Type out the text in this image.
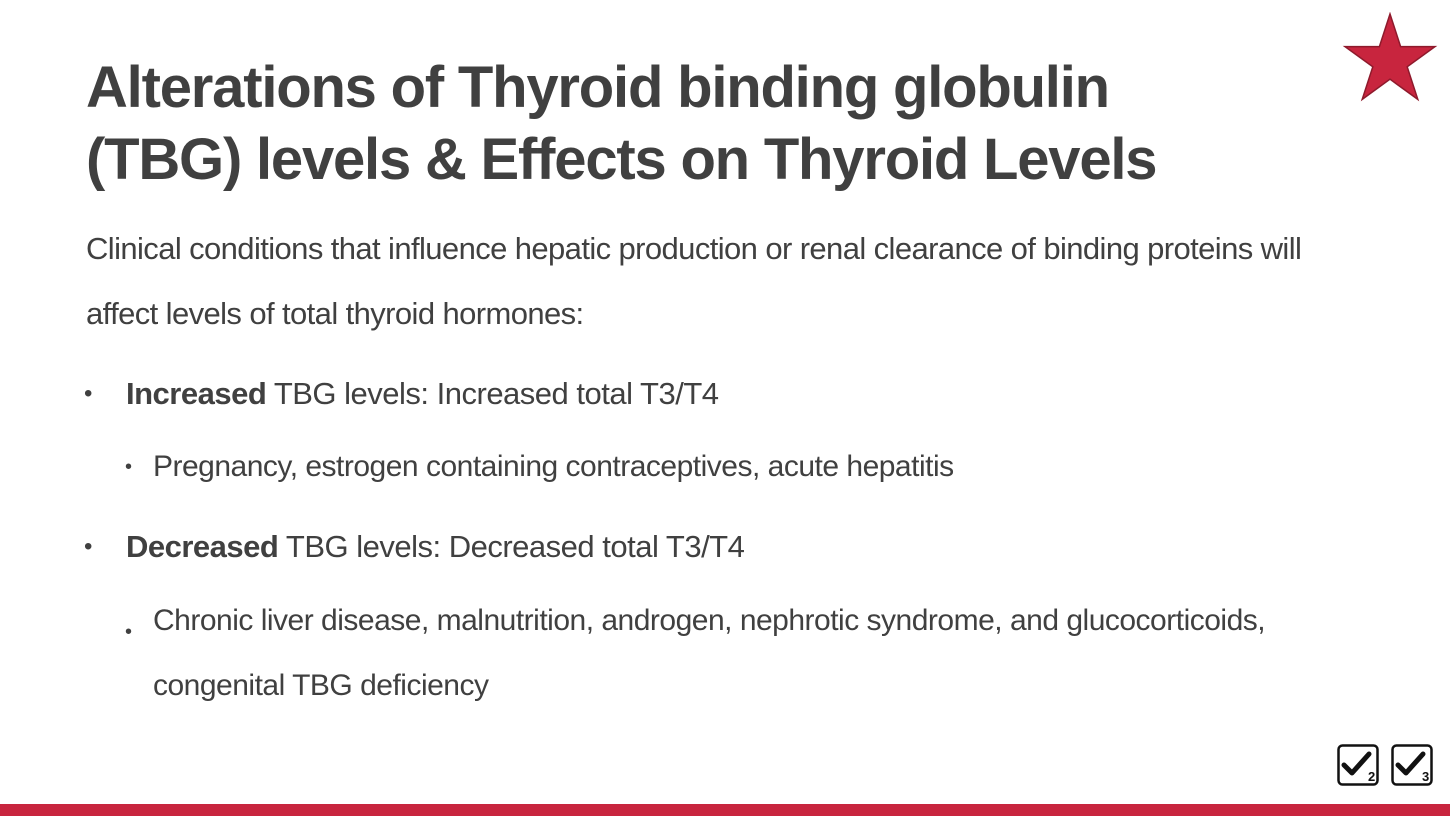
Alterations of Thyroid binding globulin
(TBG) levels & Effects on Thyroid Levels

Clinical conditions that influence hepatic production or renal clearance of binding proteins will affect levels of total thyroid hormones:

• Increased TBG levels: Increased total T3/T4
• Pregnancy, estrogen containing contraceptives, acute hepatitis
• Decreased TBG levels: Decreased total T3/T4
• Chronic liver disease, malnutrition, androgen, nephrotic syndrome, and glucocorticoids, congenital TBG deficiency
2	3
